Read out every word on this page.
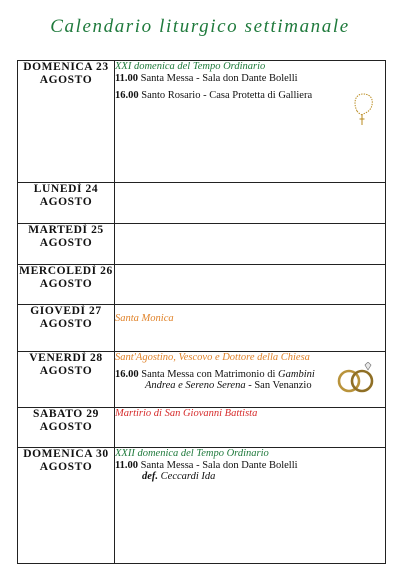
Calendario liturgico settimanale
DOMENICA 23 AGOSTO	XXI domenica del Tempo Ordinario
11.00 Santa Messa - Sala don Dante Bolelli
16.00 Santo Rosario - Casa Protetta di Galliera

LUNEDÌ 24 AGOSTO	
MARTEDÌ 25 AGOSTO	
MERCOLEDÌ 26 AGOSTO	
GIOVEDÌ 27 AGOSTO	Santa Monica

VENERDÌ 28 AGOSTO	Sant'Agostino, Vescovo e Dottore della Chiesa
16.00 Santa Messa con Matrimonio di Gambini
Andrea e Sereno Serena - San Venanzio

SABATO 29 AGOSTO	Martirio di San Giovanni Battista

DOMENICA 30 AGOSTO	XXII domenica del Tempo Ordinario
11.00 Santa Messa - Sala don Dante Bolelli
def. Ceccardi Ida
